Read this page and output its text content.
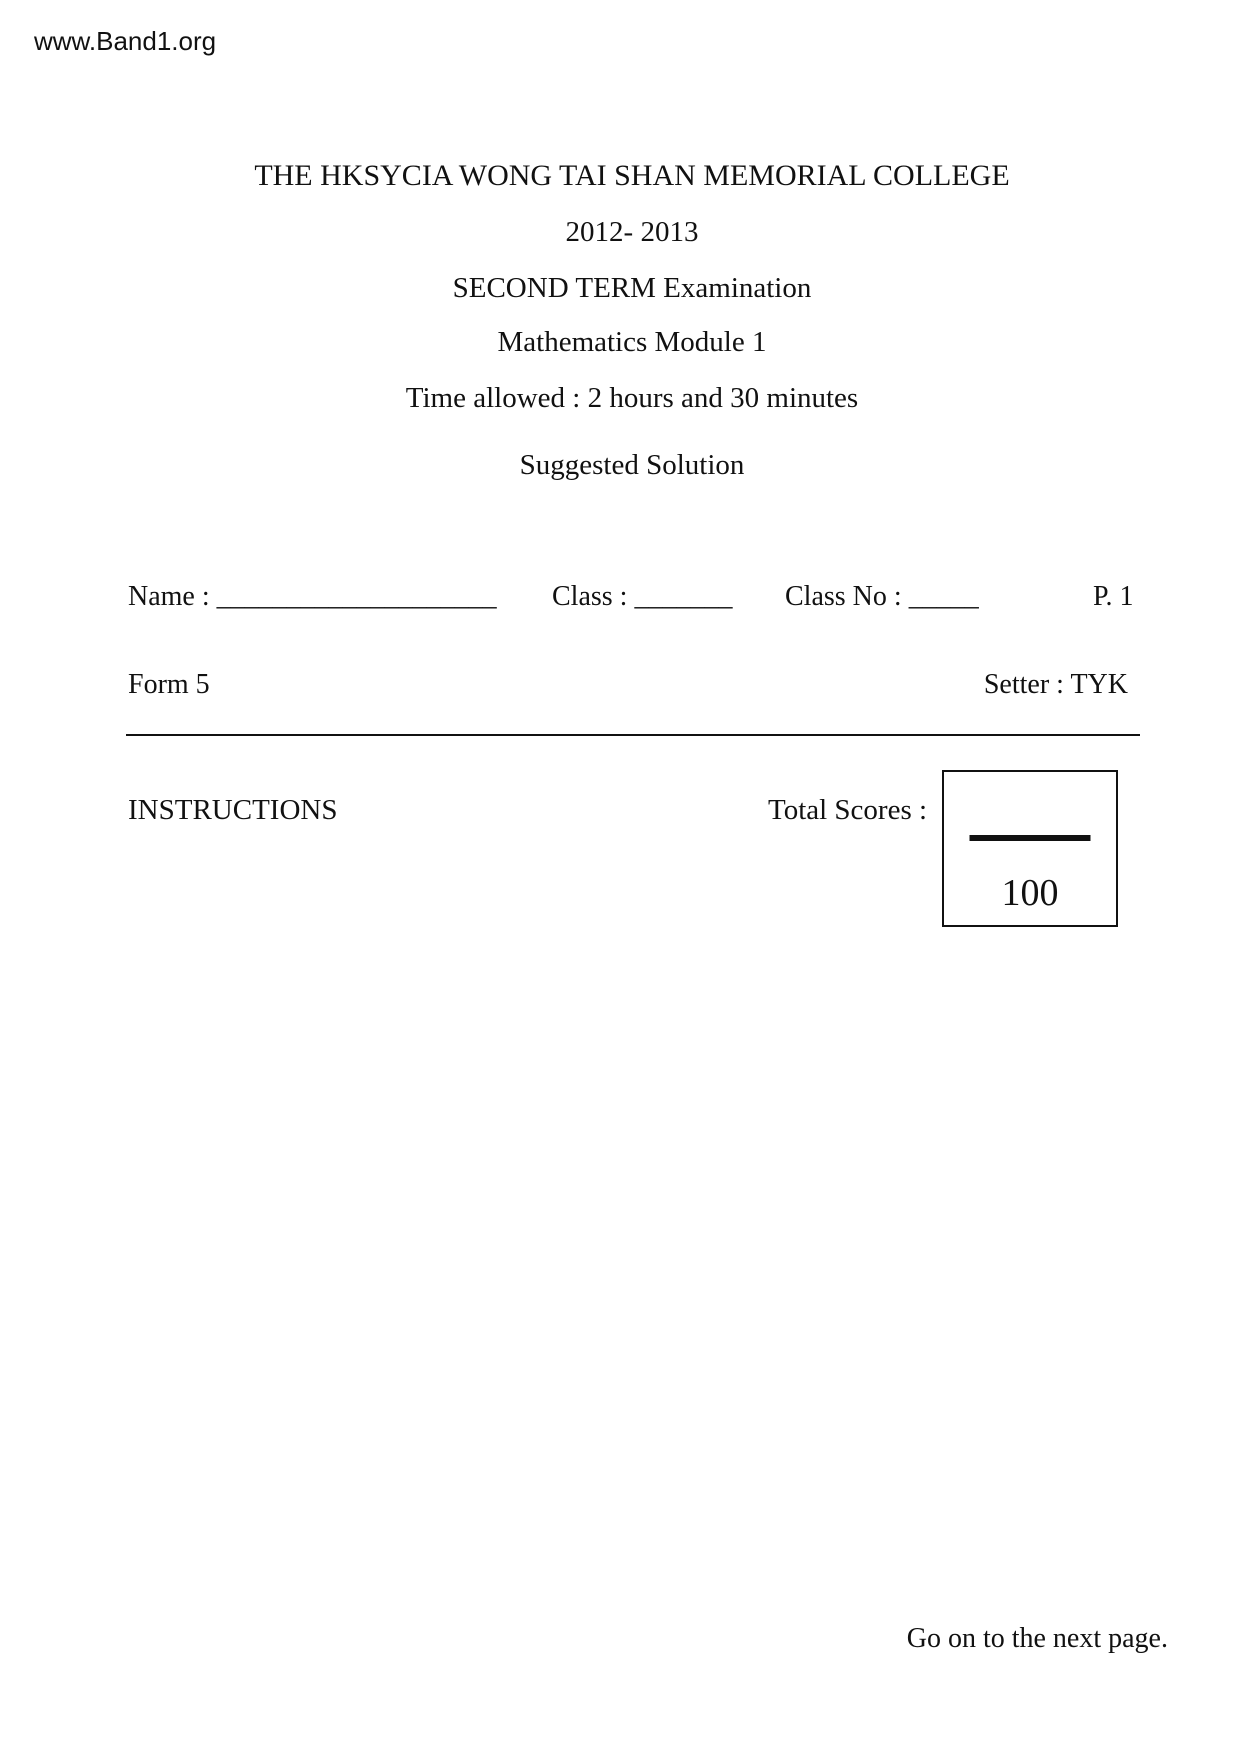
www.Band1.org
THE HKSYCIA WONG TAI SHAN MEMORIAL COLLEGE
2012- 2013
SECOND TERM Examination
Mathematics Module 1
Time allowed : 2 hours and 30 minutes
Suggested Solution
Name : ____________________ Class : _______ Class No : _____	P. 1
Form 5	Setter : TYK
INSTRUCTIONS	Total Scores :
100
Go on to the next page.
